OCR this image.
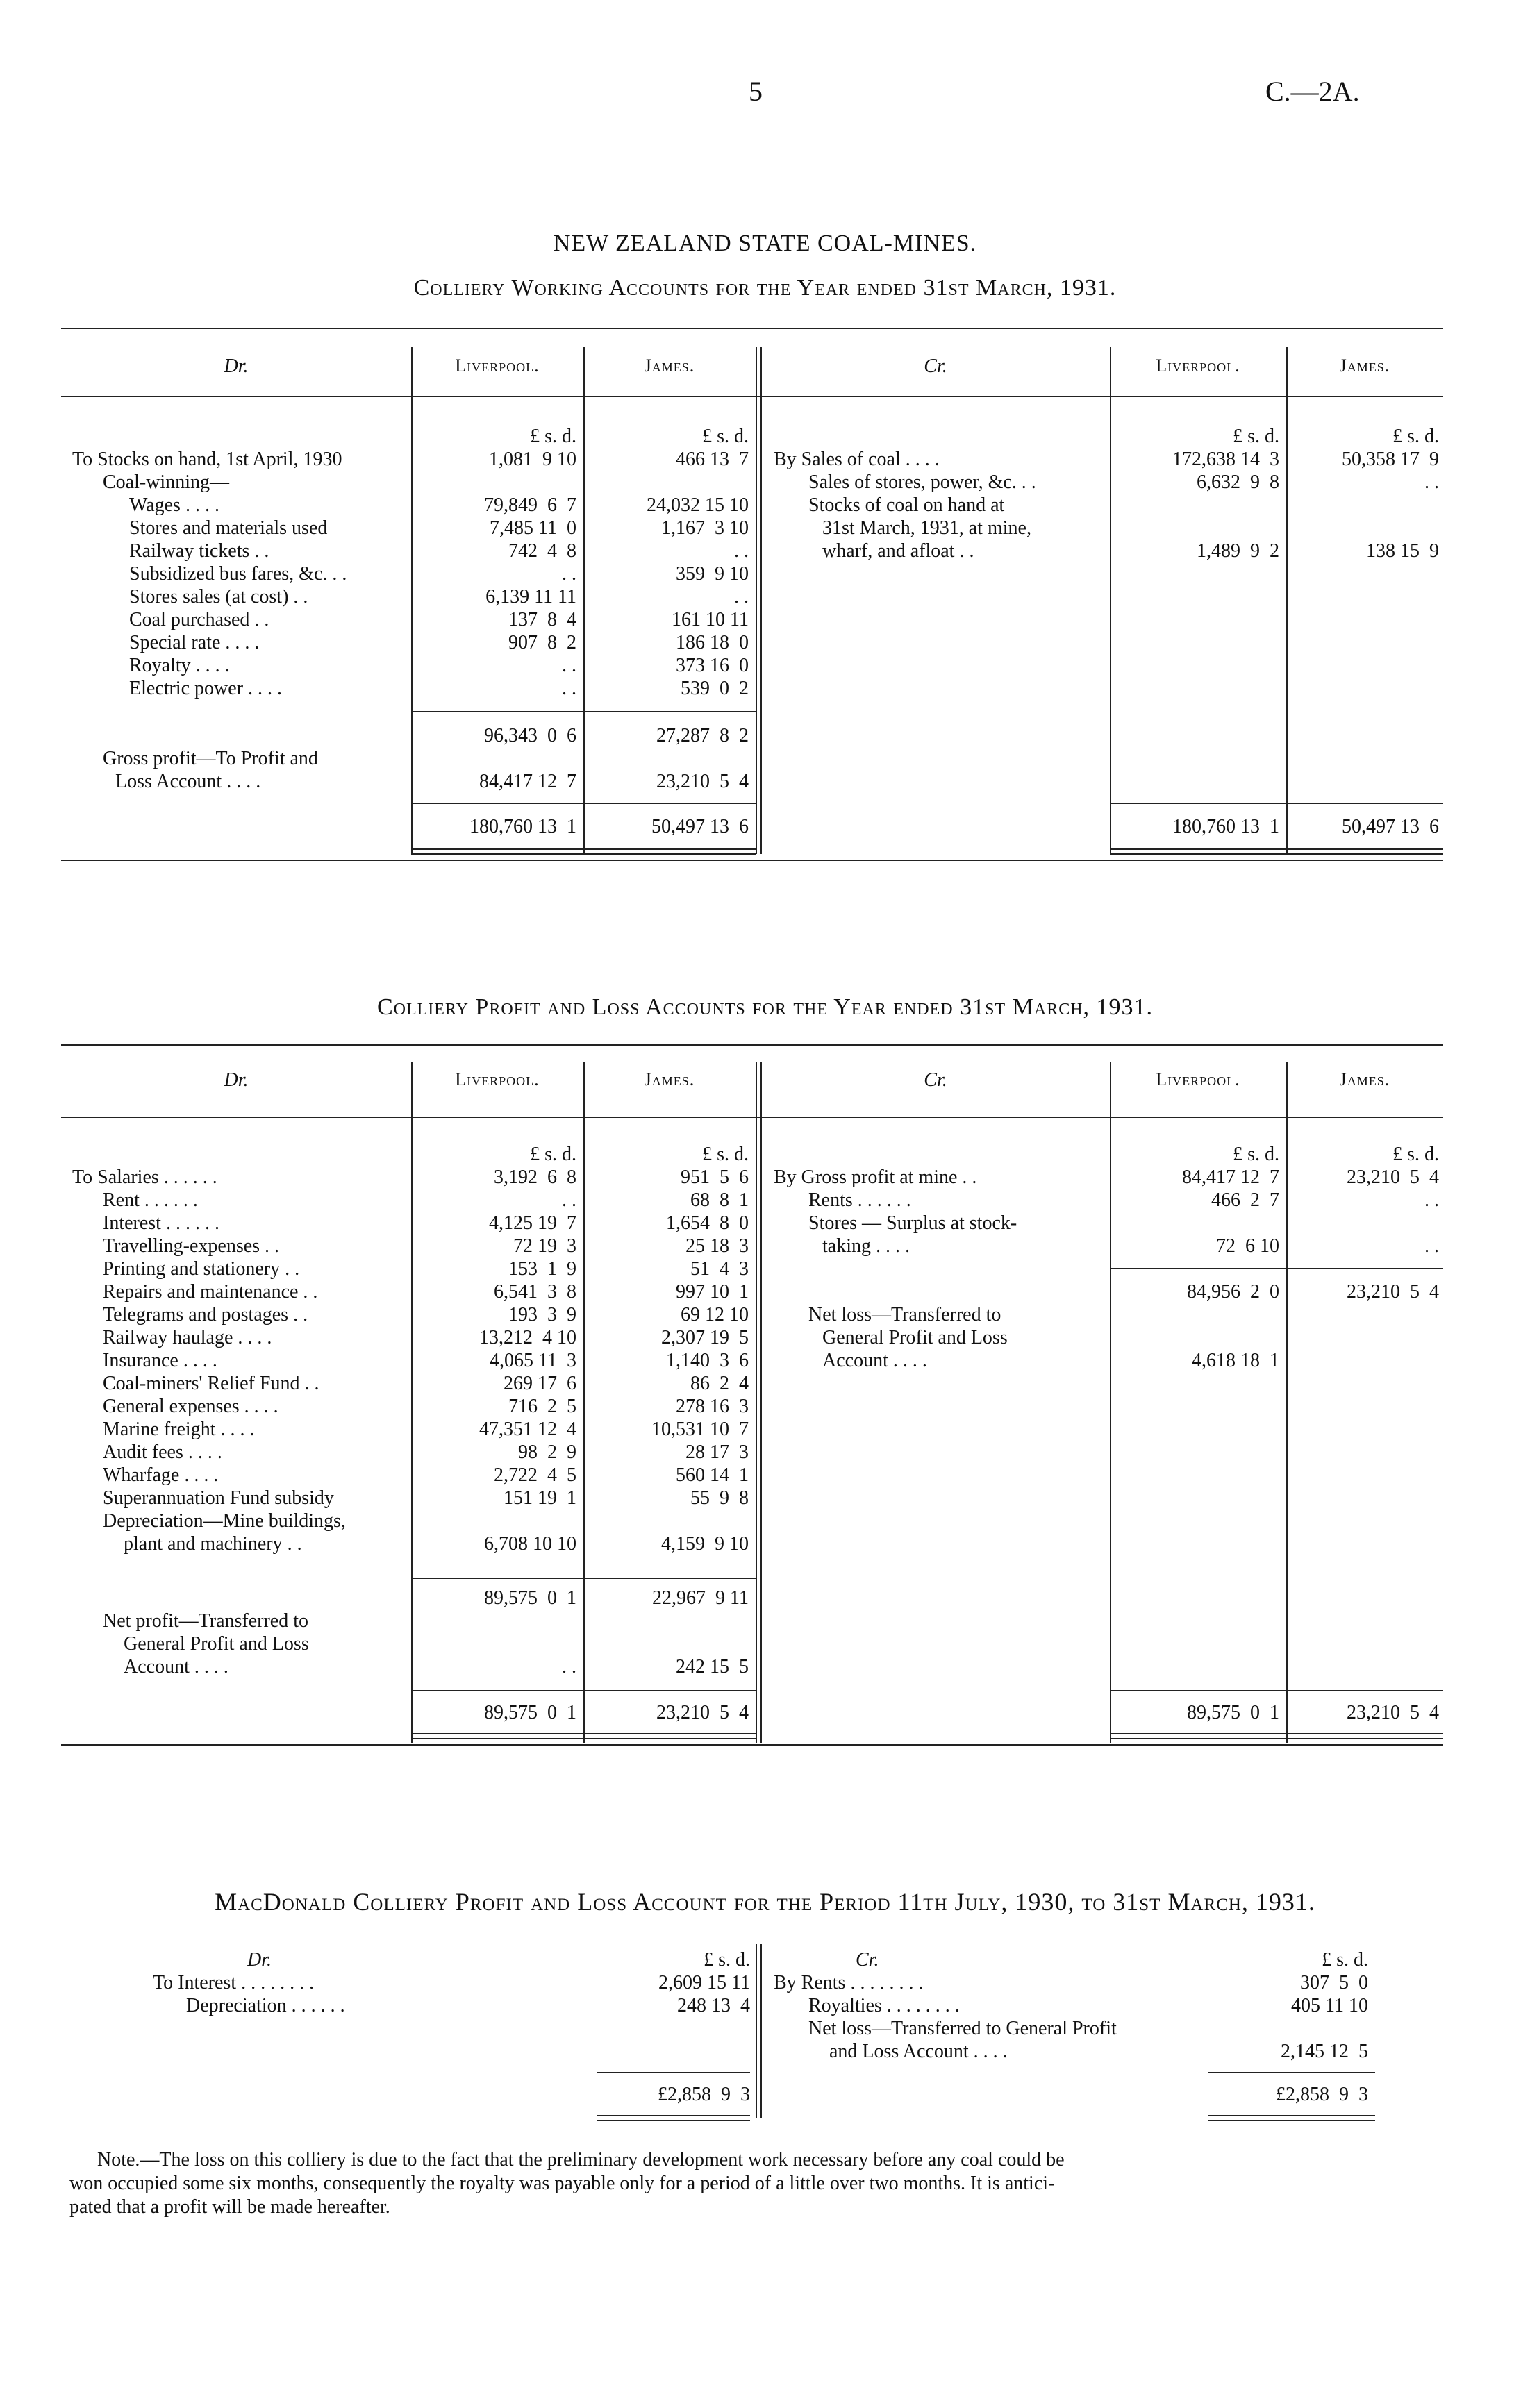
5	C.—2A.
NEW ZEALAND STATE COAL-MINES.
Colliery Working Accounts for the Year ended 31st March, 1931.
Dr.	Liverpool.	James.	Cr.	Liverpool.	James.
£ s. d.	£ s. d.	£ s. d.	£ s. d.
To Stocks on hand, 1st April, 1930	1,081  9 10	466 13  7
Coal-winning—
Wages . . . .	79,849  6  7	24,032 15 10
Stores and materials used	7,485 11  0	1,167  3 10
Railway tickets . .	742  4  8	. .
Subsidized bus fares, &c. . .	. .	359  9 10
Stores sales (at cost) . .	6,139 11 11	. .
Coal purchased . .	137  8  4	161 10 11
Special rate . . . .	907  8  2	186 18  0
Royalty . . . .	. .	373 16  0
Electric power . . . .	. .	539  0  2
96,343  0  6	27,287  8  2
Gross profit—To Profit and
Loss Account . . . .	84,417 12  7	23,210  5  4
180,760 13  1	50,497 13  6
By Sales of coal . . . .	172,638 14  3	50,358 17  9
Sales of stores, power, &c. . .	6,632  9  8	. .
Stocks of coal on hand at
31st March, 1931, at mine,
wharf, and afloat . .	1,489  9  2	138 15  9
180,760 13  1	50,497 13  6
Colliery Profit and Loss Accounts for the Year ended 31st March, 1931.
Dr.	Liverpool.	James.	Cr.	Liverpool.	James.
£ s. d.	£ s. d.	£ s. d.	£ s. d.
To Salaries . . . . . .	3,192  6  8	951  5  6
Rent . . . . . .	. .	68  8  1
Interest . . . . . .	4,125 19  7	1,654  8  0
Travelling-expenses . .	72 19  3	25 18  3
Printing and stationery . .	153  1  9	51  4  3
Repairs and maintenance . .	6,541  3  8	997 10  1
Telegrams and postages . .	193  3  9	69 12 10
Railway haulage . . . .	13,212  4 10	2,307 19  5
Insurance . . . .	4,065 11  3	1,140  3  6
Coal-miners' Relief Fund . .	269 17  6	86  2  4
General expenses . . . .	716  2  5	278 16  3
Marine freight . . . .	47,351 12  4	10,531 10  7
Audit fees . . . .	98  2  9	28 17  3
Wharfage . . . .	2,722  4  5	560 14  1
Superannuation Fund subsidy	151 19  1	55  9  8
Depreciation—Mine buildings,
plant and machinery . .	6,708 10 10	4,159  9 10
89,575  0  1	22,967  9 11
Net profit—Transferred to
General Profit and Loss
Account . . . .	. .	242 15  5
89,575  0  1	23,210  5  4
By Gross profit at mine . .	84,417 12  7	23,210  5  4
Rents . . . . . .	466  2  7	. .
Stores — Surplus at stock-
taking . . . .	72  6 10	. .
84,956  2  0	23,210  5  4
Net loss—Transferred to
General Profit and Loss
Account . . . .	4,618 18  1
89,575  0  1	23,210  5  4
MacDonald Colliery Profit and Loss Account for the Period 11th July, 1930, to 31st March, 1931.
Dr.	£ s. d.	Cr.	£ s. d.
To Interest . . . . . . . .	2,609 15 11
Depreciation . . . . . .	248 13  4
By Rents . . . . . . . .	307  5  0
Royalties . . . . . . . .	405 11 10
Net loss—Transferred to General Profit
and Loss Account . . . .	2,145 12  5
£2,858  9  3	£2,858  9  3
Note.—The loss on this colliery is due to the fact that the preliminary development work necessary before any coal could be
won occupied some six months, consequently the royalty was payable only for a period of a little over two months. It is antici-
pated that a profit will be made hereafter.
